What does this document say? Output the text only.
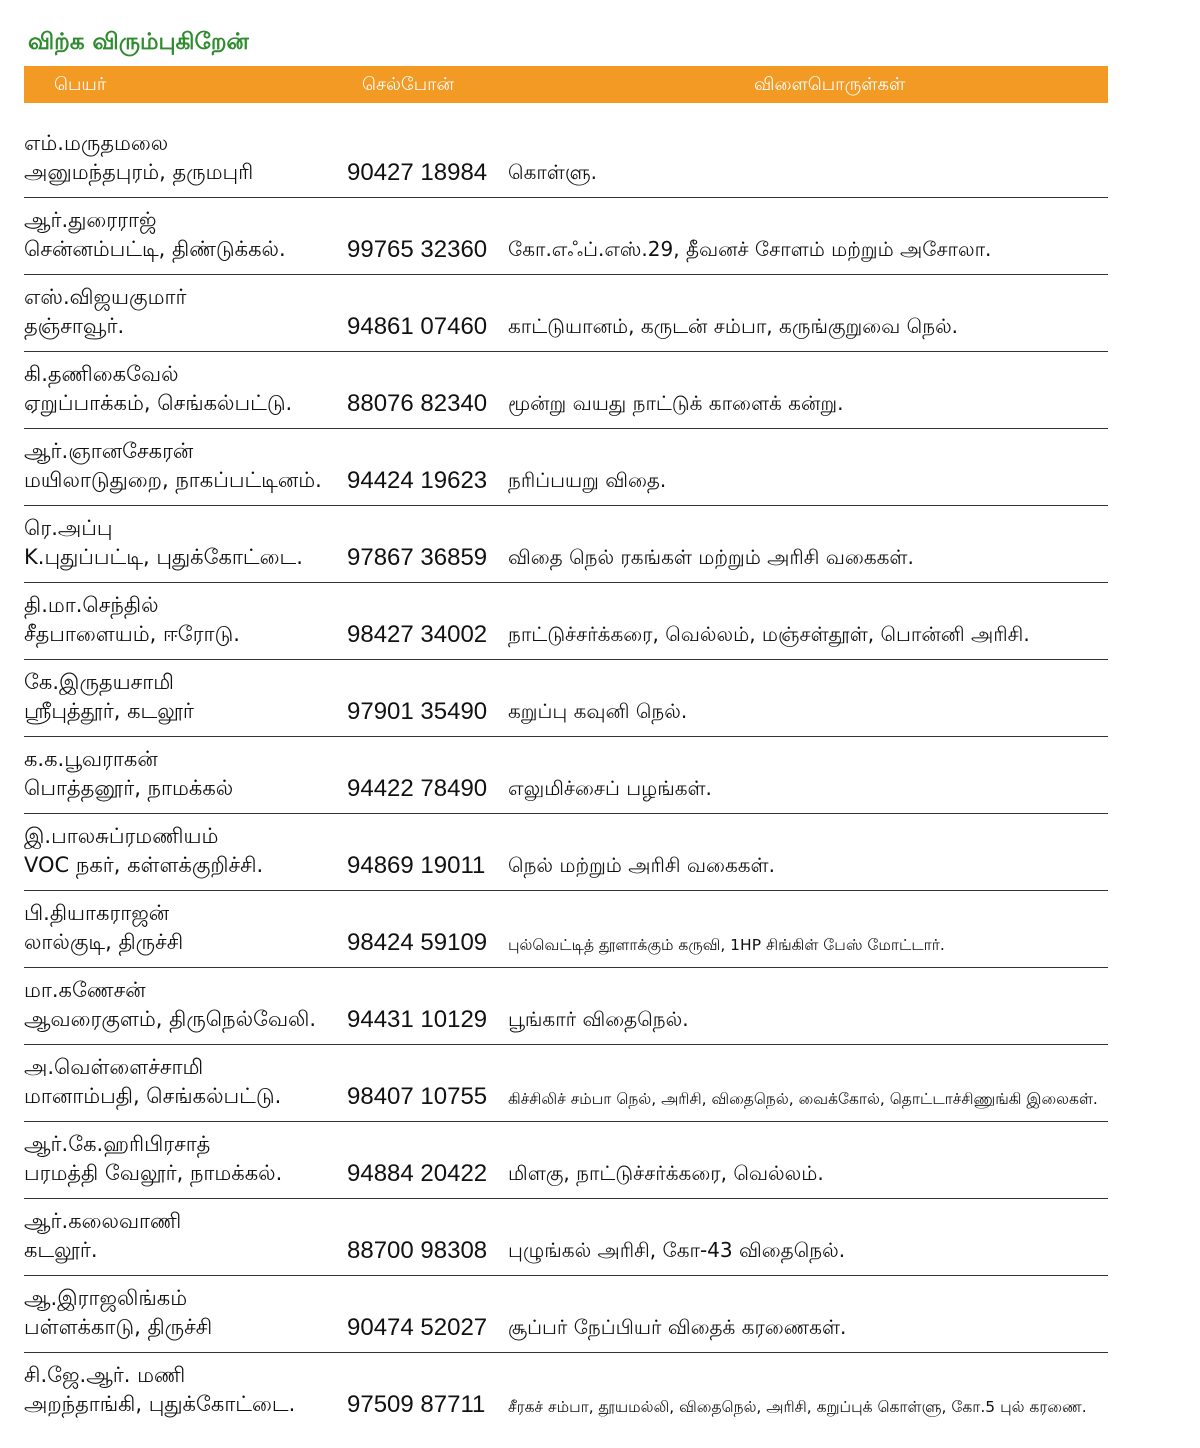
விற்க விரும்புகிறேன்
பெயர்	செல்போன்	விளைபொருள்கள்
எம்.மருதமலை
அனுமந்தபுரம், தருமபுரி	90427 18984 கொள்ளு.
ஆர்.துரைராஜ்
சென்னம்பட்டி, திண்டுக்கல்.	99765 32360 கோ.எஃப்.எஸ்.29, தீவனச் சோளம் மற்றும் அசோலா.
எஸ்.விஜயகுமார்
தஞ்சாவூர்.	94861 07460 காட்டுயானம், கருடன் சம்பா, கருங்குறுவை நெல்.
கி.தணிகைவேல்
ஏறுப்பாக்கம், செங்கல்பட்டு. 88076 82340 மூன்று வயது நாட்டுக் காளைக் கன்று.
ஆர்.ஞானசேகரன்
மயிலாடுதுறை, நாகப்பட்டினம். 94424 19623 நரிப்பயறு விதை.
ரெ.அப்பு
K.புதுப்பட்டி, புதுக்கோட்டை. 97867 36859 விதை நெல் ரகங்கள் மற்றும் அரிசி வகைகள்.
தி.மா.செந்தில்
சீதபாளையம், ஈரோடு.	98427 34002 நாட்டுச்சர்க்கரை, வெல்லம், மஞ்சள்தூள், பொன்னி அரிசி.
கே.இருதயசாமி
ஸ்ரீபுத்தூர், கடலூர்	97901 35490 கறுப்பு கவுனி நெல்.
க.க.பூவராகன்
பொத்தனூர், நாமக்கல்	94422 78490 எலுமிச்சைப் பழங்கள்.
இ.பாலசுப்ரமணியம்
VOC நகர், கள்ளக்குறிச்சி.	94869 19011 நெல் மற்றும் அரிசி வகைகள்.
பி.தியாகராஜன்
லால்குடி, திருச்சி	98424 59109 புல்வெட்டித் தூளாக்கும் கருவி, 1HP சிங்கிள் பேஸ் மோட்டார்.
மா.கணேசன்
ஆவரைகுளம், திருநெல்வேலி. 94431 10129 பூங்கார் விதைநெல்.
அ.வெள்ளைச்சாமி
மானாம்பதி, செங்கல்பட்டு.	98407 10755 கிச்சிலிச் சம்பா நெல், அரிசி, விதைநெல், வைக்கோல், தொட்டாச்சிணுங்கி இலைகள்.
ஆர்.கே.ஹரிபிரசாத்
பரமத்தி வேலூர், நாமக்கல்.	94884 20422 மிளகு, நாட்டுச்சர்க்கரை, வெல்லம்.
ஆர்.கலைவாணி
கடலூர்.	88700 98308 புழுங்கல் அரிசி, கோ-43 விதைநெல்.
ஆ.இராஜலிங்கம்
பள்ளக்காடு, திருச்சி	90474 52027 சூப்பர் நேப்பியர் விதைக் கரணைகள்.
சி.ஜே.ஆர். மணி
அறந்தாங்கி, புதுக்கோட்டை. 97509 87711 சீரகச் சம்பா, தூயமல்லி, விதைநெல், அரிசி, கறுப்புக் கொள்ளு, கோ.5 புல் கரணை.
